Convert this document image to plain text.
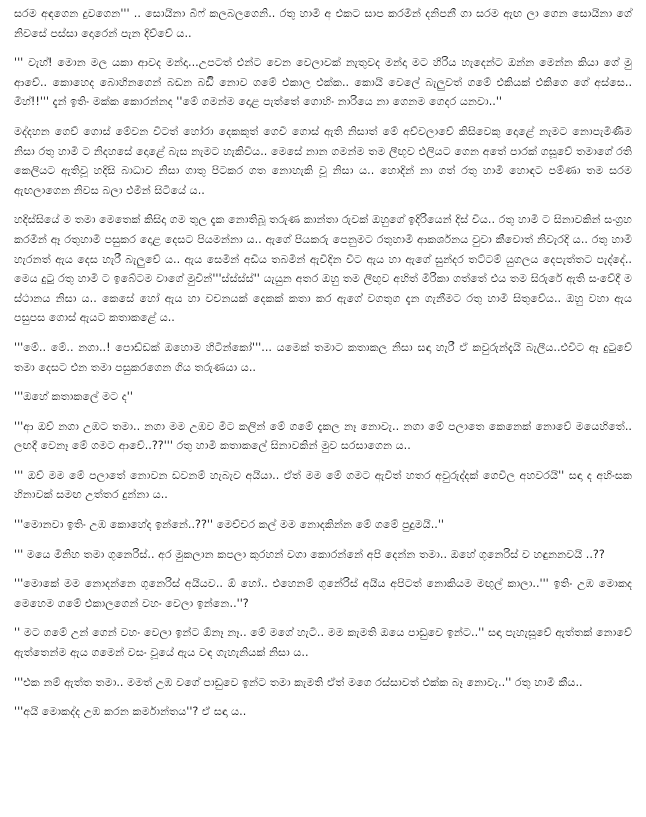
සරම අඳගෙන දුවගෙන''' .. සොයිනා බීෆ් කලබලගෙනි.. රතු හාමි අ එකට සාප කරමින් දනිපනී ගා සරම ඇඟ ලා ගෙන සොයිනා ගේ නිවසේ පස්සා දොරෙන් පැන දිව්වේ ය..

''' වැහ්! මොන මල යකා ආවද මන්දා...උපටත් එන්ට වෙන වෙලාවක් නැතුවද මන්දා මට හිරිය හැදෙන්ට ඔන්න මෙන්න කියා ගේ මු ආවේ.. කොහෙද බොහිනගෙන් බඩන බඩිි නොව ගමේ එකාල එක්ක.. කොයි වෙලේ බැලුවත් ගමේ එකියක් එකිගෙ ගේ අස්සෙ.. මිහ්!!''' දැන් ඉතිං මක්ක කොරන්නද ''මේ ගමන්ම දොළ පැත්තේ ගොහිං නාරියෙ නා ගෙනම ගෙදර යනවා..''

මද්දහන ගෙව් ගොස් මේවන විටත් හෝරා දෙකකුත් ගෙවී ගොස් ඇති නිසාත් මේ අව්වලාවේ කිසිවෙකු දොළේ නැමට නොපැමිණීම නිසා රතු හාමි ට නිදහසේ දොළේ බැස නැමට හැකිවිය.. මෙසේ නාන ගමන්ම තම ලීඟුව එලියට ගෙන අතේ පාරක් ගසූවේ තමාගේ රති කෙලියට ඇතිවූ හදිසි බාධාව නිසා ගාතු පිටකර ගත නොහැකි වූ නිසා ය.. හොදින් නා ගත් රතු හාමි හොඳට පම්ණා තම සරම ඇඟලාගෙන නිවස බලා එමින් සිටියේ ය..

හදිස්සියේ ම තමා මෙතෙක් කිසිදා ගම තුල දැක නොතිබූ තරුණ කාන්තා රුවක් ඔහුගේ ඉදිරියෙන් දිස් විය.. රතු හාමි ට සිනාවකින් සංග්‍රහ කරමින් ඈ රතුහාමි පසුකර දොළ දෙසට පියමන්නා ය.. ඇගේ පියකරු පෙනුමට රතුහාමි ආකර්ශනය වුවා කීවොත් නිවැරදි ය.. රතු හාමි හැරනත් ඇය දෙස හැරී බැලුවේ ය.. ඇය සෙමින් අඩිය තබමින් ඇවිදින විට ඇය හා ඇගේ සුන්දර තට්ටම් යුගලය දෙපැත්තට පැද්දේ.. මෙය දුටු රතු හාමි ට ඉබේටම වාගේ මුවින්'''ස්ස්ස්ස්'' යැයුන අතර ඔහු තම ලීඟුව අහිත් මිරිකා ගත්තේ එය තම සිරුරේ ඇති සංවේදී ම ස්ථානය නිසා ය.. කෙසේ හෝ ඇය හා වචනයක් දෙකක් කතා කර ඇගේ වගතුග දැන ගැනීමට රතු හාමි සිතුවේය.. ඔහු වහා ඇය පසුපස ගොස් ඇයට කතාකළේ ය..

'''මේ.. මේ.. නගා..! පොඩ්ඩක් ඔහොම හිටින්කෝ'''... යමෙක් තමාට කතාකල නිසා සඳා හැරී ඒ කවුරුන්දැයි බැලීය..එවිට ඈ දුටුවේ තමා දෙසට එන තමා පසුකරගෙන ගිය තරුණයා ය..

'''ඔහේ කතාකලේ මට ද''

'''ආ ඔව් නගා උඹට තමා.. නගා මම උඹව මීට කලින් මේ ගමේ දැකල නෑ නොවැ.. නගා මේ පලාතෙ කෙනෙක් නොවේ මයෙහිතේ.. ලඟදී වෙනෑ මේ ගමට ආවේ..??''' රතු හාමි කතාකලේ සිනාවකින් මුව සරසාගෙන ය..

''' ඔව් මම මේ පලාතේ නොවන ඩවනම් හැබැව අයියා.. ඒත් මම මේ ගමට ඇවිත් හතර අවුරුද්දක් ගෙවිල අහවරයි'' සඳා ද අහිංසක හිනාවක් සමඟ උත්තර දුන්නා ය..

'''මොනවා ඉතිං උඹ කොහේද ඉන්නේ..??'' මෙච්චර කල් මම නොදකින්න මේ ගමේ පුදුමයි..''

''' මයෙ මිනිහ තමා ගුනෙරිස්.. අර මුකලාන කපලා කුරහන් වගා කොරන්නේ අපි දෙන්න තමා.. ඔහේ ගුනෙරිස් ව හඳුනනවයි ..??

'''මොකේ මම නොදන්නෙ ගුනෙරිස් අයියව.. ඕ හෝ.. එහෙනම් ගුනේරිස් අයිය අපිටත් නොකියම මඟුල් කාලා..''' ඉතිං උඹ මොකද මෙහෙම ගමේ එකාලගෙන් වහං වෙලා ඉන්නෙ..''?

'' මට ගමේ උන් ගෙන් වහං වෙලා ඉන්ට ඕනෑ නෑ.. මේ මගේ හැටි.. මම කැමති ඔයෙ පාඩුවෙ ඉන්ට..'' සඳා පැහැසූවේ ඇත්තක් නොවේ ඇත්තෙන්ම ඇය ගමෙන් වසං වූයේ ඇය වඳ ගැහැනියක් නිසා ය..

'''එක නම් ඇත්ත තමා.. මමත් උඹ වගේ පාඩුවෙ ඉන්ට තමා කැමති ඒත් මගෙ රස්සාවත් එක්ක බෑ නොවැ..'' රතු හාමි කීය..

'''අයි මොකද්ද උඹ කරන කර්මාන්තය''? ඒ සඳා ය..
